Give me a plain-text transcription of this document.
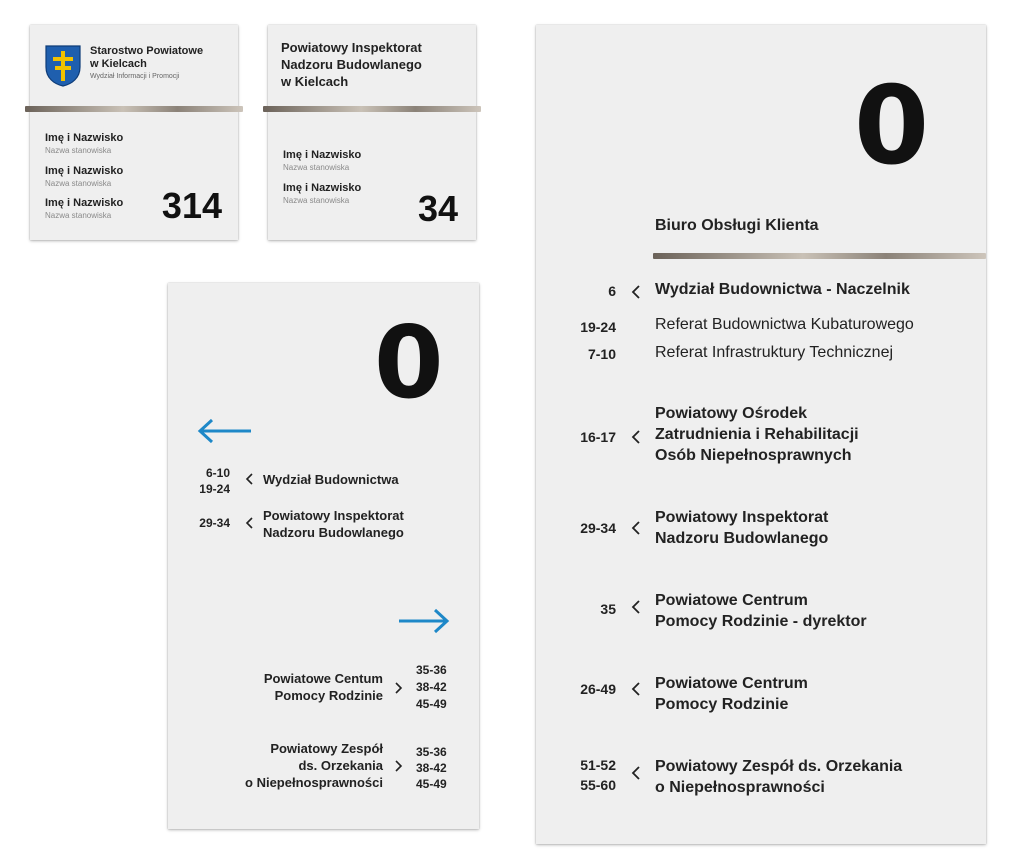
Starostwo Powiatowe
w Kielcach
Wydział Informacji i Promocji
Imę i Nazwisko
Nazwa stanowiska
Imę i Nazwisko
Nazwa stanowiska
Imę i Nazwisko
Nazwa stanowiska 314
Powiatowy Inspektorat
Nadzoru Budowlanego
w Kielcach
Imę i Nazwisko
Nazwa stanowiska
Imę i Nazwisko
Nazwa stanowiska 34
0
6-10
19-24
Wydział Budownictwa
29-34	Powiatowy Inspektorat
Nadzoru Budowlanego
Powiatowe Centum
Pomocy Rodzinie
35-36
38-42
45-49
Powiatowy Zespół
ds. Orzekania
o Niepełnosprawności
35-36
38-42
45-49
0
Biuro Obsługi Klienta
6 Wydział Budownictwa - Naczelnik
19-24 Referat Budownictwa Kubaturowego
7-10 Referat Infrastruktury Technicznej
16-17
Powiatowy Ośrodek
Zatrudnienia i Rehabilitacji
Osób Niepełnosprawnych
29-34
Powiatowy Inspektorat
Nadzoru Budowlanego
35 Powiatowe Centrum
Pomocy Rodzinie - dyrektor
26-49 Powiatowe Centrum
Pomocy Rodzinie
51-52
55-60
Powiatowy Zespół ds. Orzekania
o Niepełnosprawności
